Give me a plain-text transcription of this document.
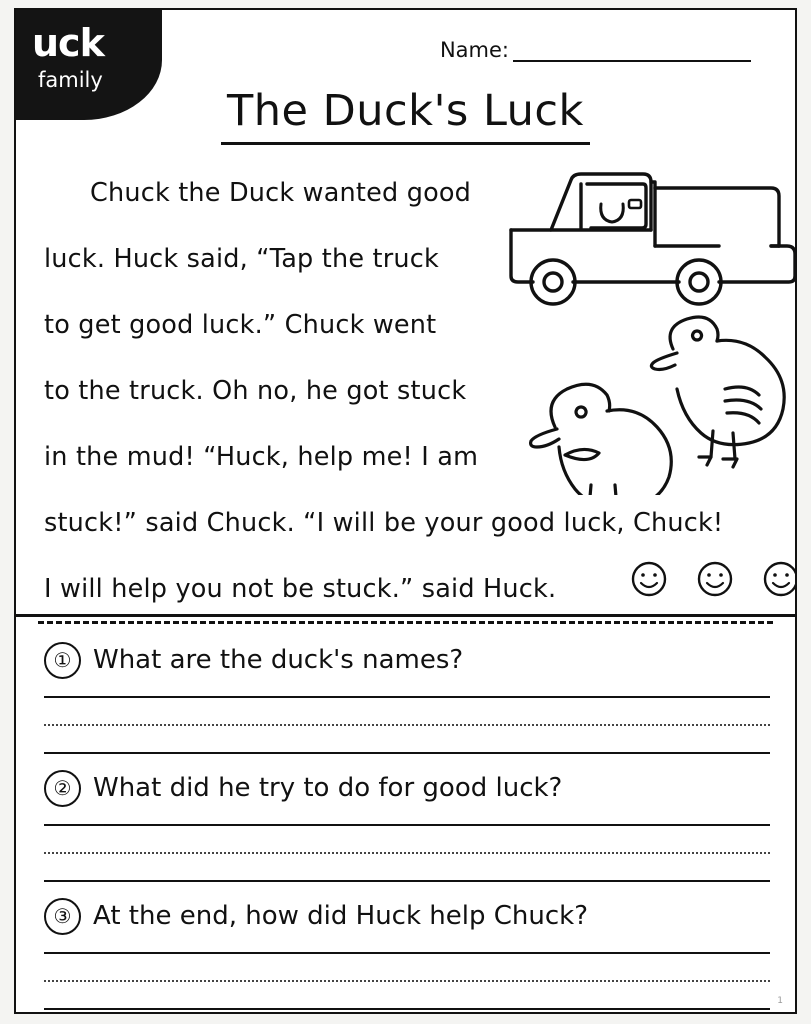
uck
family
Name:
The Duck's Luck
Chuck the Duck wanted good
luck. Huck said, “Tap the truck
to get good luck.” Chuck went
to the truck. Oh no, he got stuck
in the mud! “Huck, help me! I am
stuck!” said Chuck. “I will be your good luck, Chuck!
I will help you not be stuck.” said Huck.
① What are the duck's names?
② What did he try to do for good luck?
③ At the end, how did Huck help Chuck?
1
